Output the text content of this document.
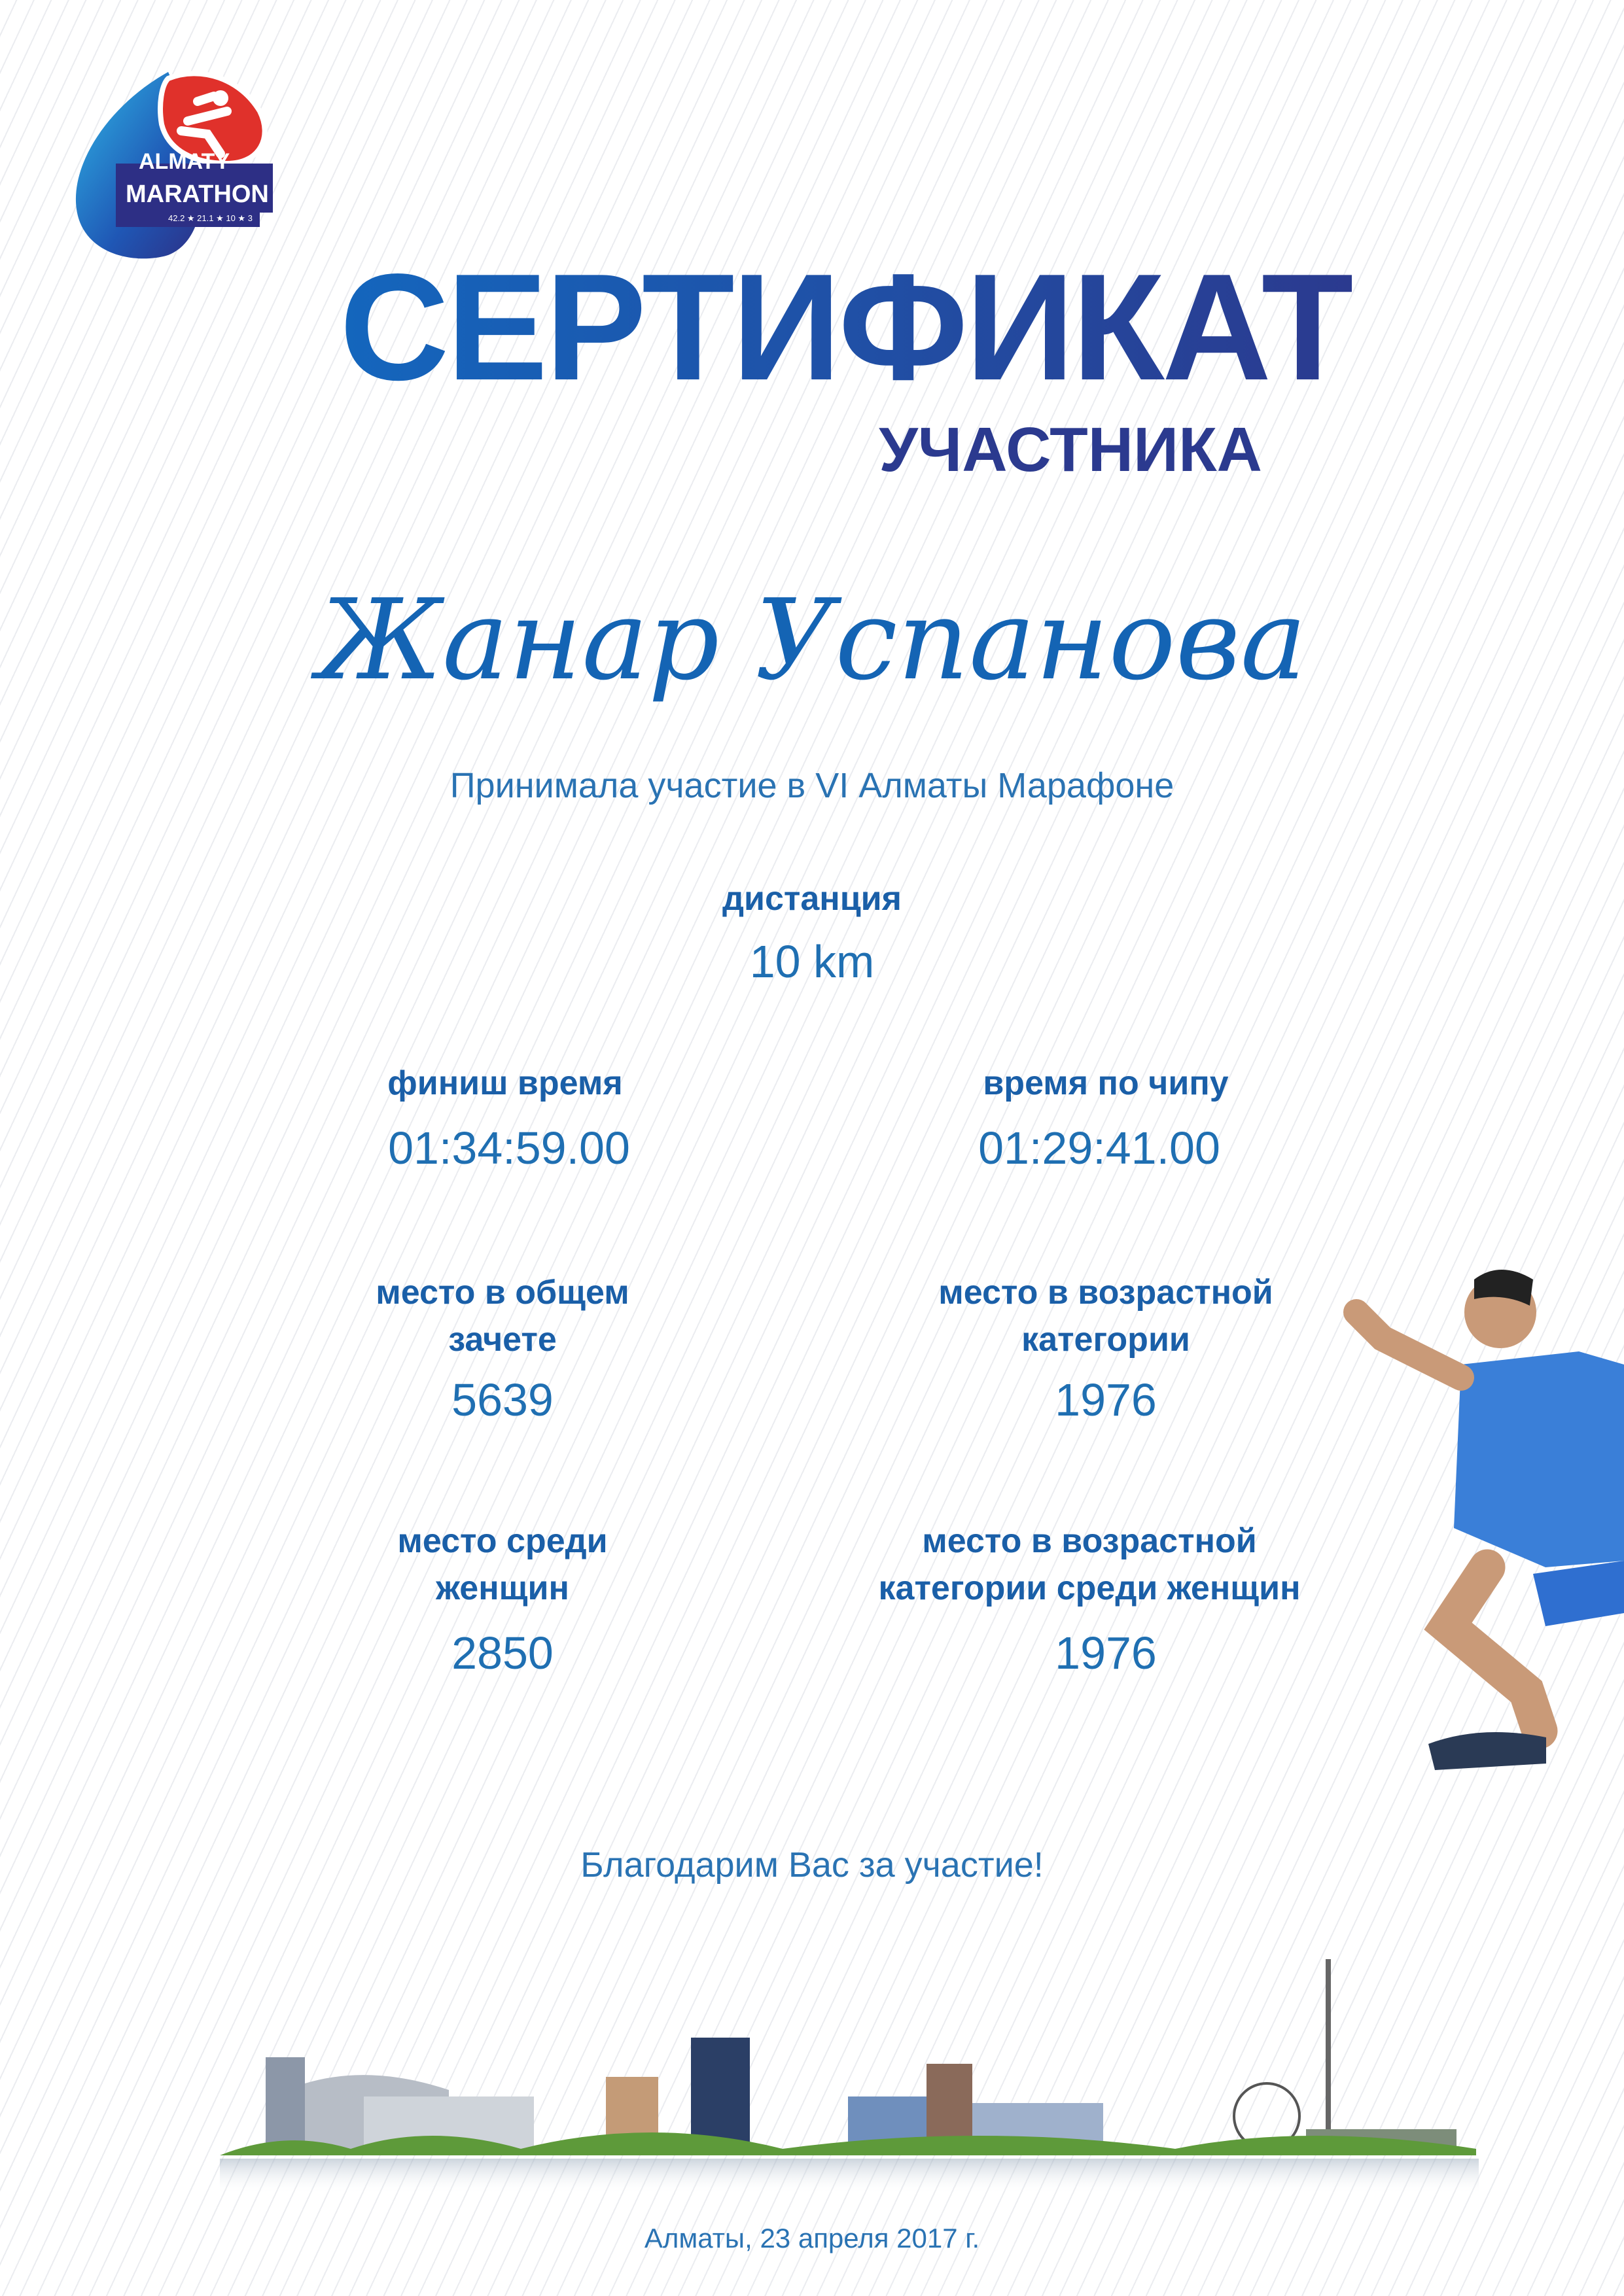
ALMATY
MARATHON
42.2 ★ 21.1 ★ 10 ★ 3
СЕРТИФИКАТ
УЧАСТНИКА
Жанар Успанова
Принимала участие в VI Алматы Марафоне
дистанция
10 km
финиш время
01:34:59.00
время по чипу
01:29:41.00
место в общем
зачете
5639
место в возрастной
категории
1976
место среди
женщин
2850
место в возрастной
категории среди женщин
1976
Благодарим Вас за участие!
Алматы, 23 апреля 2017 г.
